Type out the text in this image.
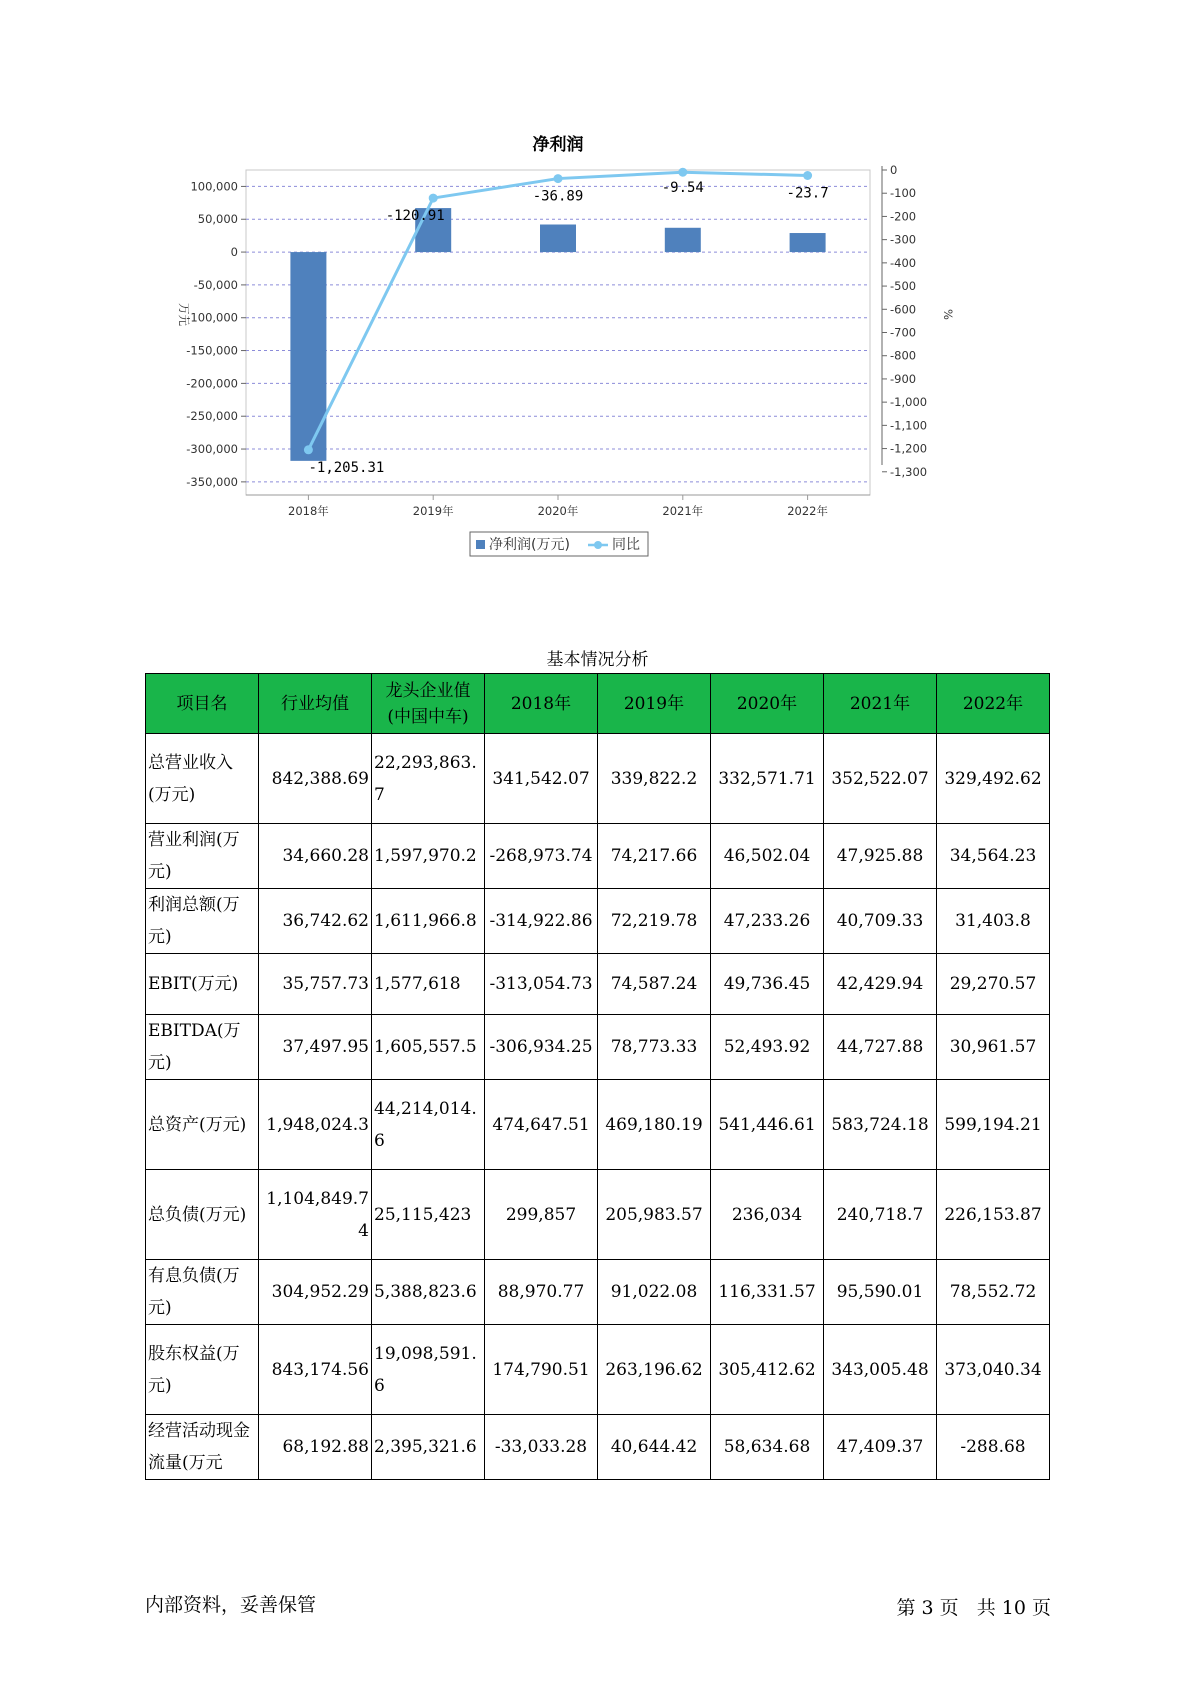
净利润
100,000
50,000
0
-50,000
-100,000
-150,000
-200,000
-250,000
-300,000
-350,000
万元
0
-100
-200
-300
-400
-500
-600
-700
-800
-900
-1,000
-1,100
-1,200
-1,300
%
2018年	2019年	2020年	2021年	2022年
-1,205.31
-120.91
-36.89
-9.54	-23.7
净利润(万元)	同比
基本情况分析
项目名	行业均值	龙头企业值(中国中车)	2018年	2019年	2020年	2021年	2022年
总营业收入(万元)	842,388.69	22,293,863.7	341,542.07	339,822.2	332,571.71	352,522.07	329,492.62
营业利润(万元)	34,660.28	1,597,970.2	-268,973.74	74,217.66	46,502.04	47,925.88	34,564.23
利润总额(万元)	36,742.62	1,611,966.8	-314,922.86	72,219.78	47,233.26	40,709.33	31,403.8
EBIT(万元)	35,757.73	1,577,618	-313,054.73	74,587.24	49,736.45	42,429.94	29,270.57
EBITDA(万元)	37,497.95	1,605,557.5	-306,934.25	78,773.33	52,493.92	44,727.88	30,961.57
总资产(万元)	1,948,024.3	44,214,014.6	474,647.51	469,180.19	541,446.61	583,724.18	599,194.21
总负债(万元)	1,104,849.74	25,115,423	299,857	205,983.57	236,034	240,718.7	226,153.87
有息负债(万元)	304,952.29	5,388,823.6	88,970.77	91,022.08	116,331.57	95,590.01	78,552.72
股东权益(万元)	843,174.56	19,098,591.6	174,790.51	263,196.62	305,412.62	343,005.48	373,040.34
经营活动现金流量(万元	68,192.88	2,395,321.6	-33,033.28	40,644.42	58,634.68	47,409.37	-288.68
内部资料，妥善保管	第 3 页   共 10 页
